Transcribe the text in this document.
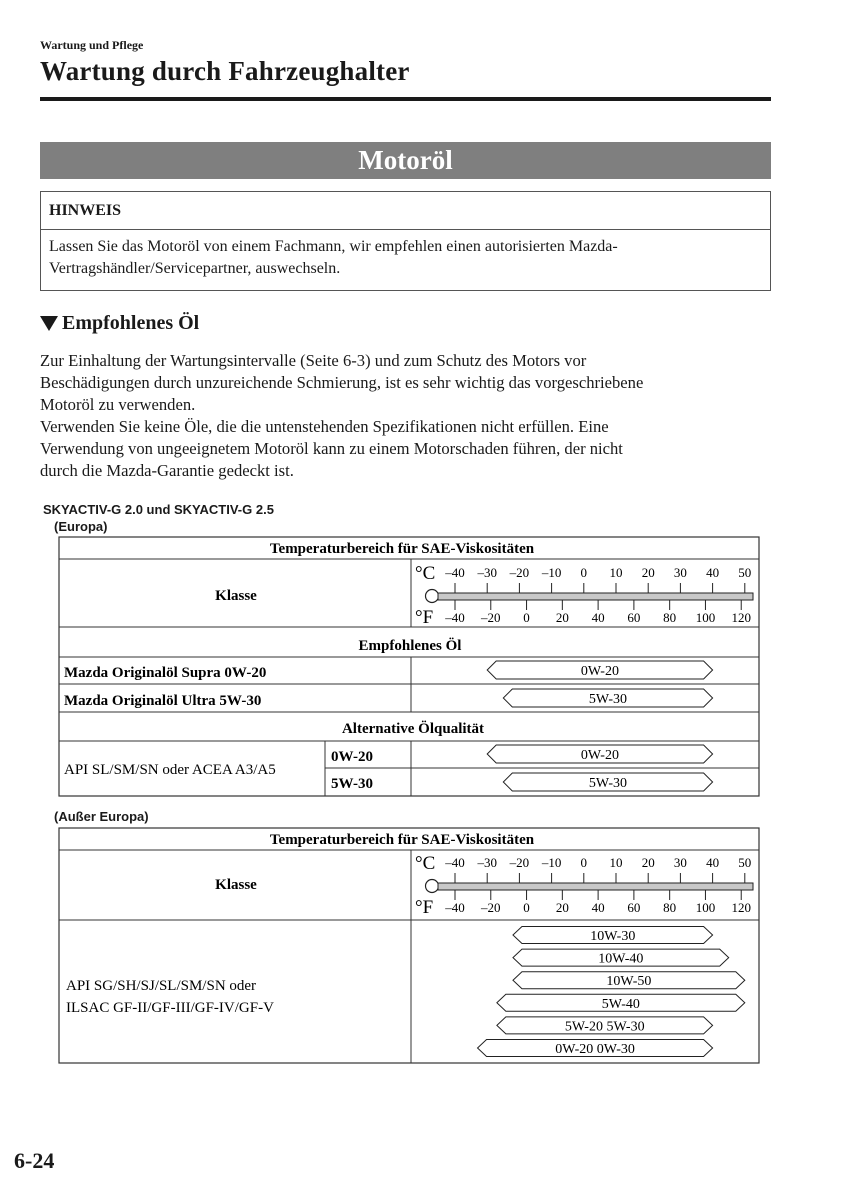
Wartung und Pflege
Wartung durch Fahrzeughalter
Motoröl
HINWEIS
Lassen Sie das Motoröl von einem Fachmann, wir empfehlen einen autorisierten Mazda-
Vertragshändler/Servicepartner, auswechseln.
Empfohlenes Öl
Zur Einhaltung der Wartungsintervalle (Seite 6-3) und zum Schutz des Motors vor
Beschädigungen durch unzureichende Schmierung, ist es sehr wichtig das vorgeschriebene
Motoröl zu verwenden.
Verwenden Sie keine Öle, die die untenstehenden Spezifikationen nicht erfüllen. Eine
Verwendung von ungeeignetem Motoröl kann zu einem Motorschaden führen, der nicht
durch die Mazda-Garantie gedeckt ist.
SKYACTIV-G 2.0 und SKYACTIV-G 2.5
(Europa)
Temperaturbereich für SAE-Viskositäten
Klasse
Empfohlenes Öl
Mazda Originalöl Supra 0W-20
Mazda Originalöl Ultra 5W-30
Alternative Ölqualität
API SL/SM/SN oder ACEA A3/A5
0W-20
5W-30
°C
°F
–40 –30 –20 –10 0 10 20 30 40 50
–40 –20 0 20 40 60 80 100 120
0W-20
5W-30
0W-20
5W-30
Temperaturbereich für SAE-Viskositäten
Klasse
API SG/SH/SJ/SL/SM/SN oder
ILSAC GF-II/GF-III/GF-IV/GF-V
°C
°F
–40 –30 –20 –10 0 10 20 30 40 50
–40 –20 0 20 40 60 80 100 120
10W-30
10W-40
10W-50
5W-40
5W-20 5W-30
0W-20 0W-30
(Außer Europa)
6-24
